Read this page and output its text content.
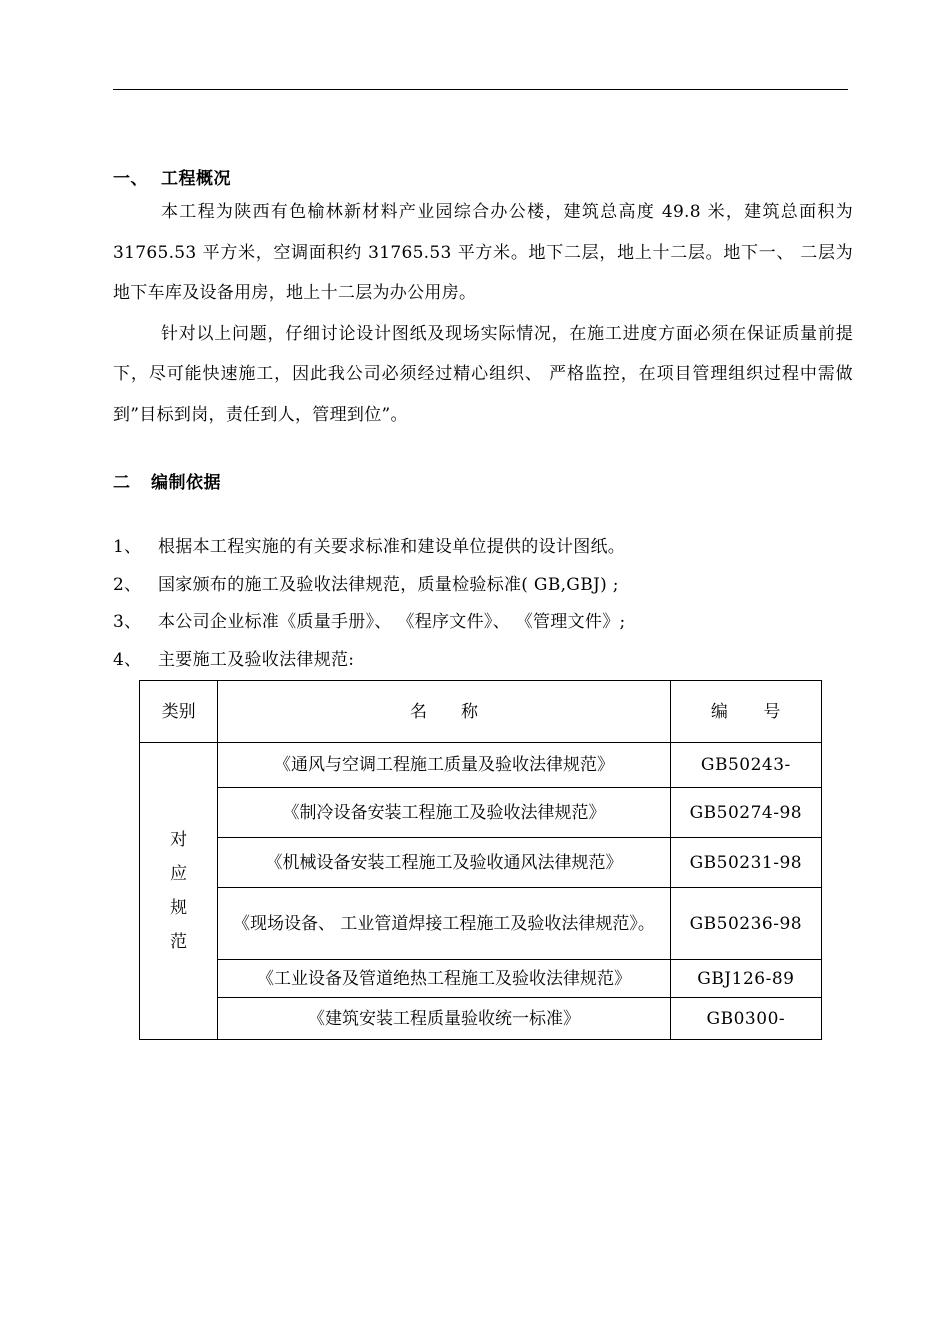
一、 工程概况

本工程为陕西有色榆林新材料产业园综合办公楼，建筑总高度 49.8 米，建筑总面积为 31765.53 平方米，空调面积约 31765.53 平方米。地下二层，地上十二层。地下一、 二层为地下车库及设备用房，地上十二层为办公用房。

针对以上问题，仔细讨论设计图纸及现场实际情况，在施工进度方面必须在保证质量前提下，尽可能快速施工，因此我公司必须经过精心组织、 严格监控，在项目管理组织过程中需做到”目标到岗，责任到人，管理到位”。

二 编制依据
1、 根据本工程实施的有关要求标准和建设单位提供的设计图纸。
2、 国家颁布的施工及验收法律规范，质量检验标准( GB,GBJ) ;
3、 本公司企业标准《质量手册》、 《程序文件》、 《管理文件》;
4、 主要施工及验收法律规范:
类别	名　　称	编　　号

对
应
规
范	《通风与空调工程施工质量及验收法律规范》	GB50243-
	《制冷设备安装工程施工及验收法律规范》	GB50274-98
	《机械设备安装工程施工及验收通风法律规范》	GB50231-98
	《现场设备、 工业管道焊接工程施工及验收法律规范》。	GB50236-98
	《工业设备及管道绝热工程施工及验收法律规范》	GBJ126-89
	《建筑安装工程质量验收统一标准》	GB0300-
